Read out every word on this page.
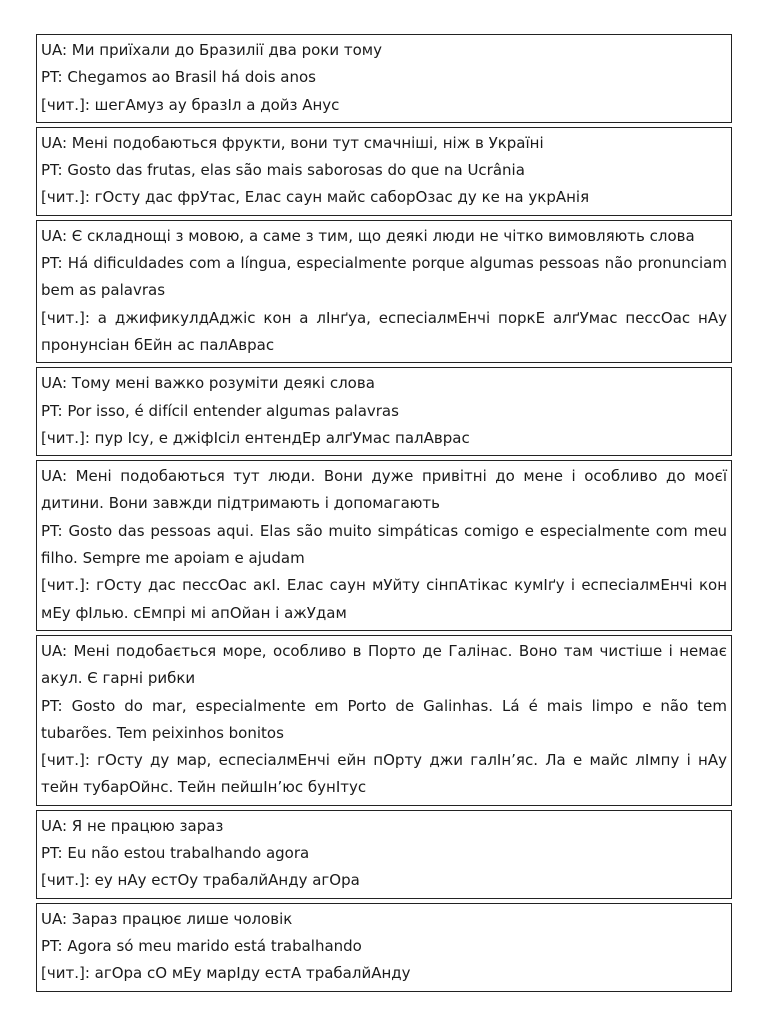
UA: Ми приїхали до Бразилії два роки тому
PT: Chegamos ao Brasil há dois anos
[чит.]: шегАмуз ау бразIл а дойз Анус
UA: Мені подобаються фрукти, вони тут смачніші, ніж в Україні
PT: Gosto das frutas, elas são mais saborosas do que na Ucrânia
[чит.]: гОсту дас фрУтас, Елас саун майс саборОзас ду ке на укрАнія
UA: Є складнощі з мовою, а саме з тим, що деякі люди не чітко вимовляють слова
PT: Há dificuldades com a língua, especialmente porque algumas pessoas não pronunciam bem as palavras
[чит.]: а джификулдАджіс кон а лIнґуа, еспесіалмЕнчі поркЕ алґУмас пессОас нАу пронунсіан бЕйн ас палАврас
UA: Тому мені важко розуміти деякі слова
PT: Por isso, é difícil entender algumas palavras
[чит.]: пур Iсу, е джіфIсіл ентендЕр алґУмас палАврас
UA: Мені подобаються тут люди. Вони дуже привітні до мене і особливо до моєї дитини. Вони завжди підтримають і допомагають
PT: Gosto das pessoas aqui. Elas são muito simpáticas comigo e especialmente com meu filho. Sempre me apoiam e ajudam
[чит.]: гОсту дас пессОас акI. Елас саун мУйту сінпАтікас кумIґу і еспесіалмЕнчі кон мЕу фIлью. сЕмпрі мі апОйан і ажУдам
UA: Мені подобається море, особливо в Порто де Галінас. Воно там чистіше і немає акул. Є гарні рибки
PT: Gosto do mar, especialmente em Porto de Galinhas. Lá é mais limpo e não tem tubarões. Tem peixinhos bonitos
[чит.]: гОсту ду мар, еспесіалмЕнчі ейн пОрту джи галIн’яс. Ла е майс лIмпу і нАу тейн тубарОйнс. Тейн пейшIн’юс бунIтус
UA: Я не працюю зараз
PT: Eu não estou trabalhando agora
[чит.]: еу нАу естОу трабалйАнду агОра
UA: Зараз працює лише чоловік
PT: Agora só meu marido está trabalhando
[чит.]: агОра сО мЕу марIду естА трабалйАнду
